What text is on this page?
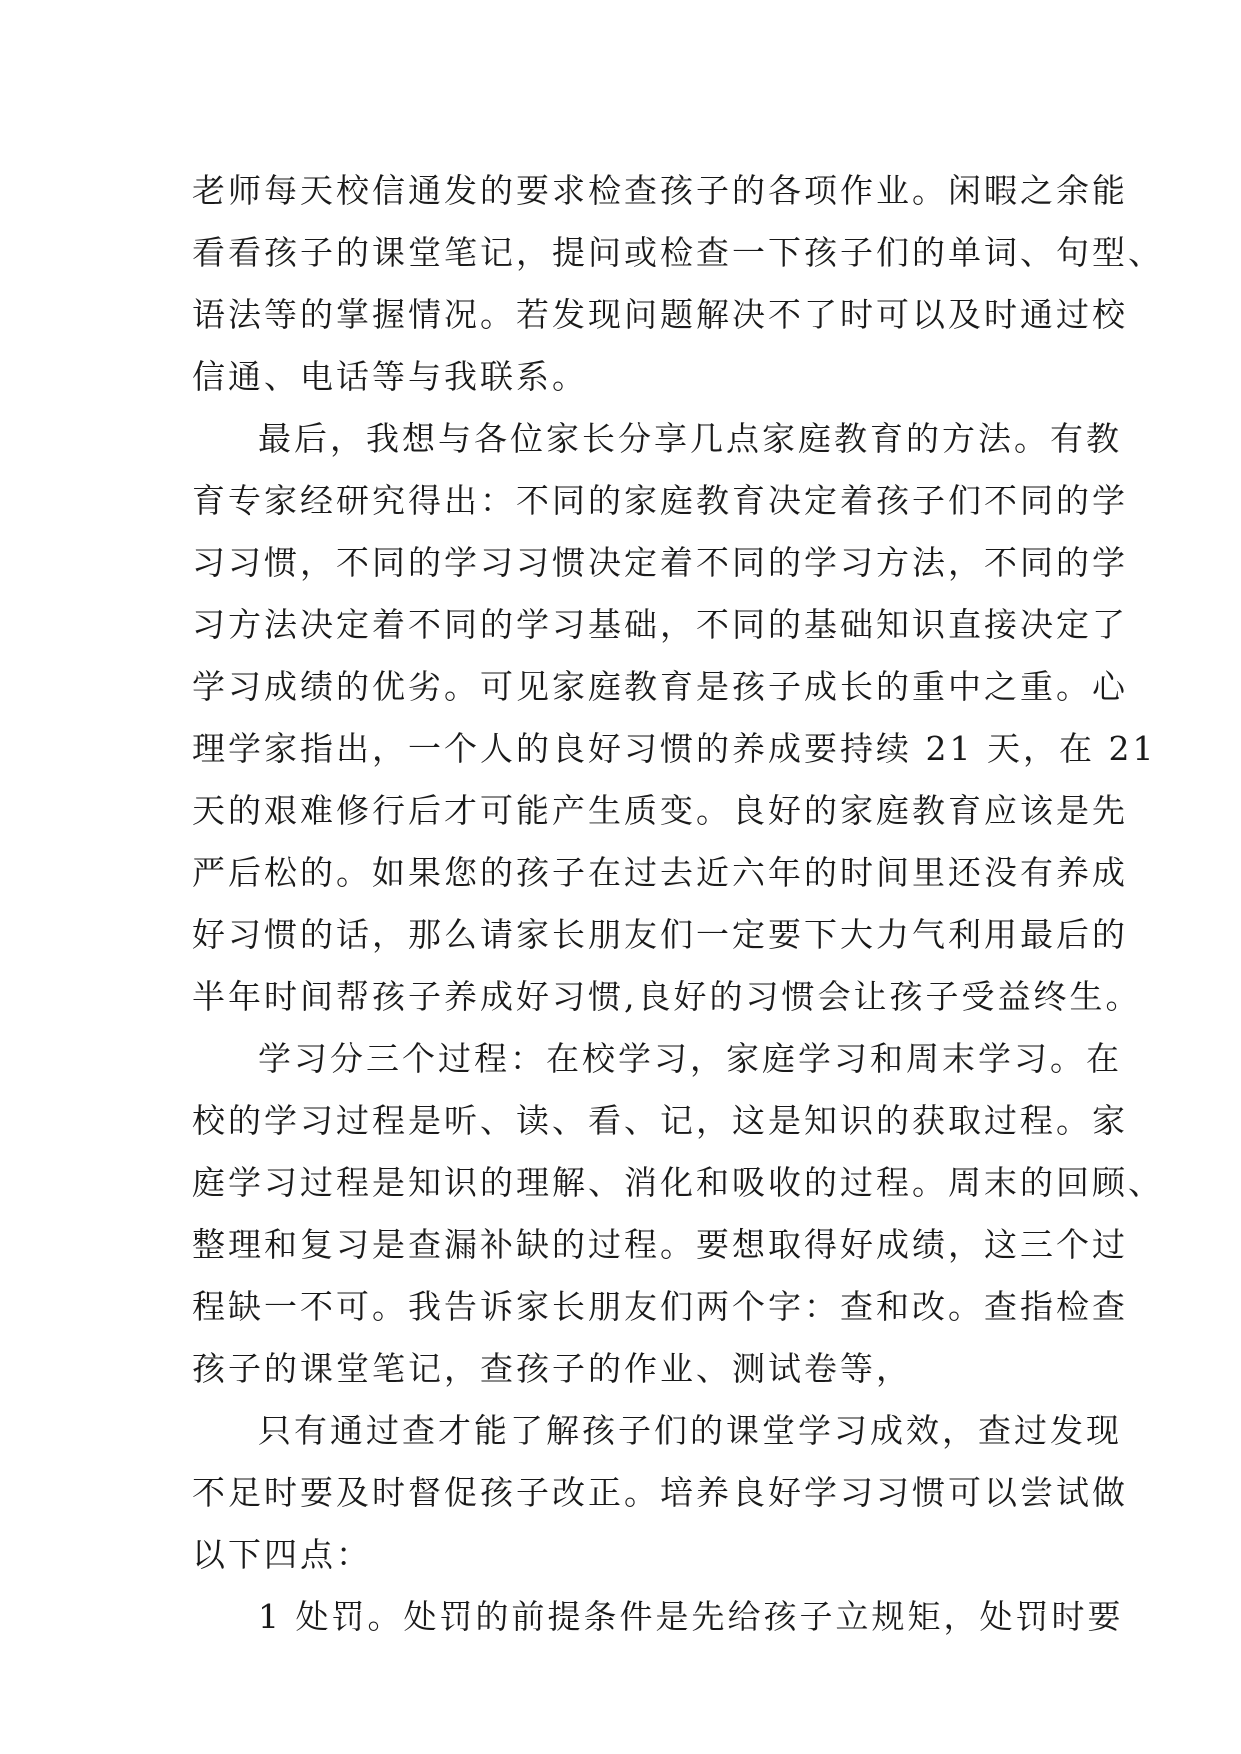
老师每天校信通发的要求检查孩子的各项作业。闲暇之余能
看看孩子的课堂笔记，提问或检查一下孩子们的单词、句型、
语法等的掌握情况。若发现问题解决不了时可以及时通过校
信通、电话等与我联系。
最后，我想与各位家长分享几点家庭教育的方法。有教
育专家经研究得出：不同的家庭教育决定着孩子们不同的学
习习惯，不同的学习习惯决定着不同的学习方法，不同的学
习方法决定着不同的学习基础，不同的基础知识直接决定了
学习成绩的优劣。可见家庭教育是孩子成长的重中之重。心
理学家指出，一个人的良好习惯的养成要持续 21 天，在 21
天的艰难修行后才可能产生质变。良好的家庭教育应该是先
严后松的。如果您的孩子在过去近六年的时间里还没有养成
好习惯的话，那么请家长朋友们一定要下大力气利用最后的
半年时间帮孩子养成好习惯,良好的习惯会让孩子受益终生。
学习分三个过程：在校学习，家庭学习和周末学习。在
校的学习过程是听、读、看、记，这是知识的获取过程。家
庭学习过程是知识的理解、消化和吸收的过程。周末的回顾、
整理和复习是查漏补缺的过程。要想取得好成绩，这三个过
程缺一不可。我告诉家长朋友们两个字：查和改。查指检查
孩子的课堂笔记，查孩子的作业、测试卷等，
只有通过查才能了解孩子们的课堂学习成效，查过发现
不足时要及时督促孩子改正。培养良好学习习惯可以尝试做
以下四点：
1 处罚。处罚的前提条件是先给孩子立规矩，处罚时要
